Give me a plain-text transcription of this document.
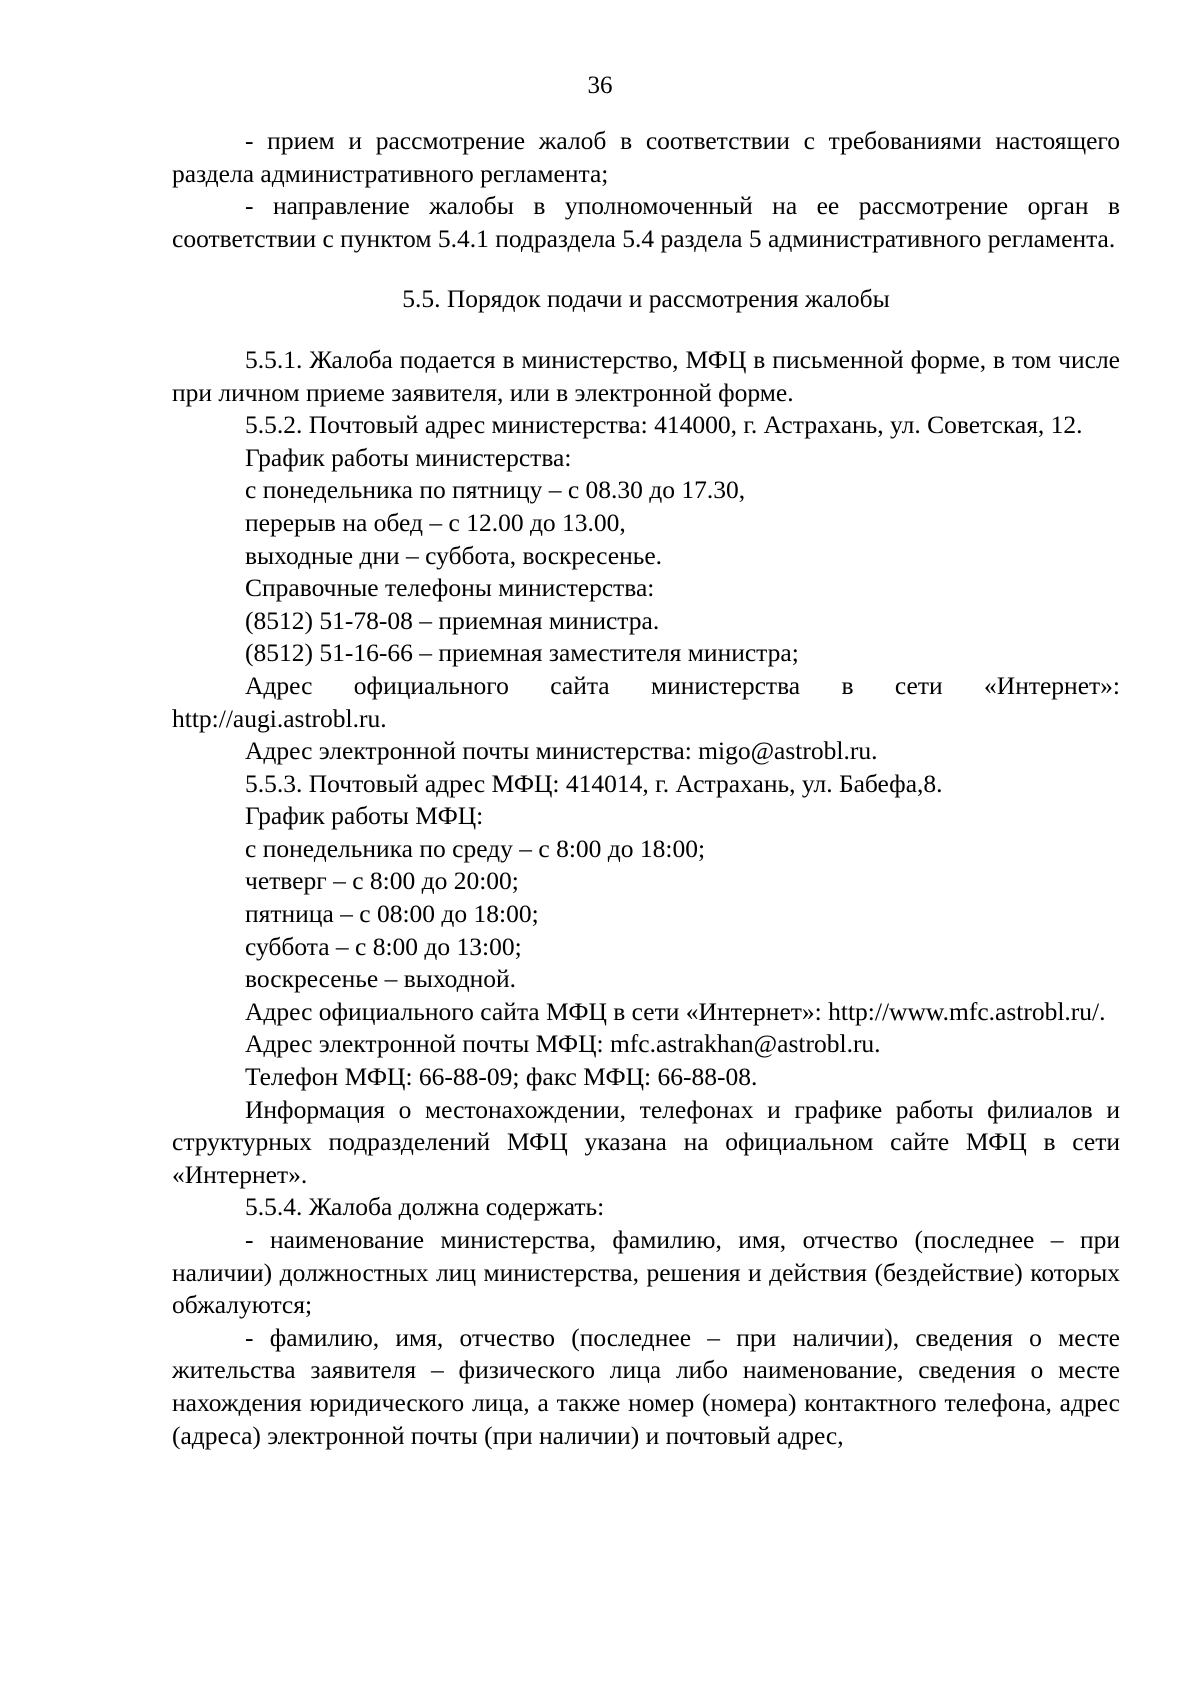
36

- прием и рассмотрение жалоб в соответствии с требованиями настоящего раздела административного регламента;

- направление жалобы в уполномоченный на ее рассмотрение орган в соответствии с пунктом 5.4.1 подраздела 5.4 раздела 5 административного регламента.

5.5. Порядок подачи и рассмотрения жалобы

5.5.1. Жалоба подается в министерство, МФЦ в письменной форме, в том числе при личном приеме заявителя, или в электронной форме.

5.5.2. Почтовый адрес министерства: 414000, г. Астрахань, ул. Советская, 12.

График работы министерства:

с понедельника по пятницу – с 08.30 до 17.30,

перерыв на обед – с 12.00 до 13.00,

выходные дни – суббота, воскресенье.

Справочные телефоны министерства:

(8512) 51-78-08 – приемная министра.

(8512) 51-16-66 – приемная заместителя министра;

Адрес официального сайта министерства в сети «Интернет»: http://augi.astrobl.ru.

Адрес электронной почты министерства: migo@astrobl.ru.

5.5.3. Почтовый адрес МФЦ: 414014, г. Астрахань, ул. Бабефа,8.

График работы МФЦ:

с понедельника по среду – с 8:00 до 18:00;

четверг – с 8:00 до 20:00;

пятница – с 08:00 до 18:00;

суббота – с 8:00 до 13:00;

воскресенье – выходной.

Адрес официального сайта МФЦ в сети «Интернет»: http://www.mfc.astrobl.ru/.

Адрес электронной почты МФЦ: mfc.astrakhan@astrobl.ru.

Телефон МФЦ: 66-88-09; факс МФЦ: 66-88-08.

Информация о местонахождении, телефонах и графике работы филиалов и структурных подразделений МФЦ указана на официальном сайте МФЦ в сети «Интернет».

5.5.4. Жалоба должна содержать:

- наименование министерства, фамилию, имя, отчество (последнее – при наличии) должностных лиц министерства, решения и действия (бездействие) которых обжалуются;

- фамилию, имя, отчество (последнее – при наличии), сведения о месте жительства заявителя – физического лица либо наименование, сведения о месте нахождения юридического лица, а также номер (номера) контактного телефона, адрес (адреса) электронной почты (при наличии) и почтовый адрес,
